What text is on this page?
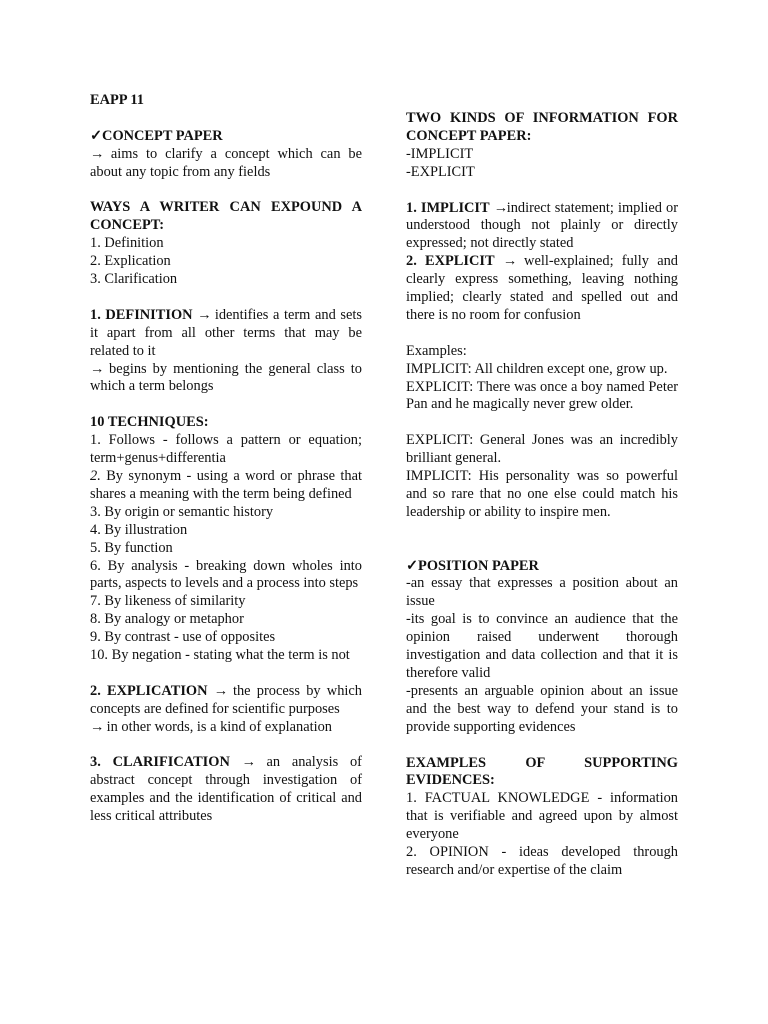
EAPP 11

✓CONCEPT PAPER

→ aims to clarify a concept which can be about any topic from any fields

WAYS A WRITER CAN EXPOUND A CONCEPT:

1. Definition

2. Explication

3. Clarification

1. DEFINITION → identifies a term and sets it apart from all other terms that may be related to it

→ begins by mentioning the general class to which a term belongs

10 TECHNIQUES:

1. Follows - follows a pattern or equation; term+genus+differentia

2. By synonym - using a word or phrase that shares a meaning with the term being defined

3. By origin or semantic history

4. By illustration

5. By function

6. By analysis - breaking down wholes into parts, aspects to levels and a process into steps

7. By likeness of similarity

8. By analogy or metaphor

9. By contrast - use of opposites

10. By negation - stating what the term is not

2. EXPLICATION → the process by which concepts are defined for scientific purposes

→ in other words, is a kind of explanation

3. CLARIFICATION → an analysis of abstract concept through investigation of examples and the identification of critical and less critical attributes

TWO KINDS OF INFORMATION FOR CONCEPT PAPER:

-IMPLICIT

-EXPLICIT

1. IMPLICIT →indirect statement; implied or understood though not plainly or directly expressed; not directly stated

2. EXPLICIT → well-explained; fully and clearly express something, leaving nothing implied; clearly stated and spelled out and there is no room for confusion

Examples:

IMPLICIT: All children except one, grow up.

EXPLICIT: There was once a boy named Peter Pan and he magically never grew older.

EXPLICIT: General Jones was an incredibly brilliant general.

IMPLICIT: His personality was so powerful and so rare that no one else could match his leadership or ability to inspire men.

✓POSITION PAPER

-an essay that expresses a position about an issue

-its goal is to convince an audience that the opinion raised underwent thorough investigation and data collection and that it is therefore valid

-presents an arguable opinion about an issue and the best way to defend your stand is to provide supporting evidences

EXAMPLES OF SUPPORTING EVIDENCES:

1. FACTUAL KNOWLEDGE - information that is verifiable and agreed upon by almost everyone

2. OPINION - ideas developed through research and/or expertise of the claim
